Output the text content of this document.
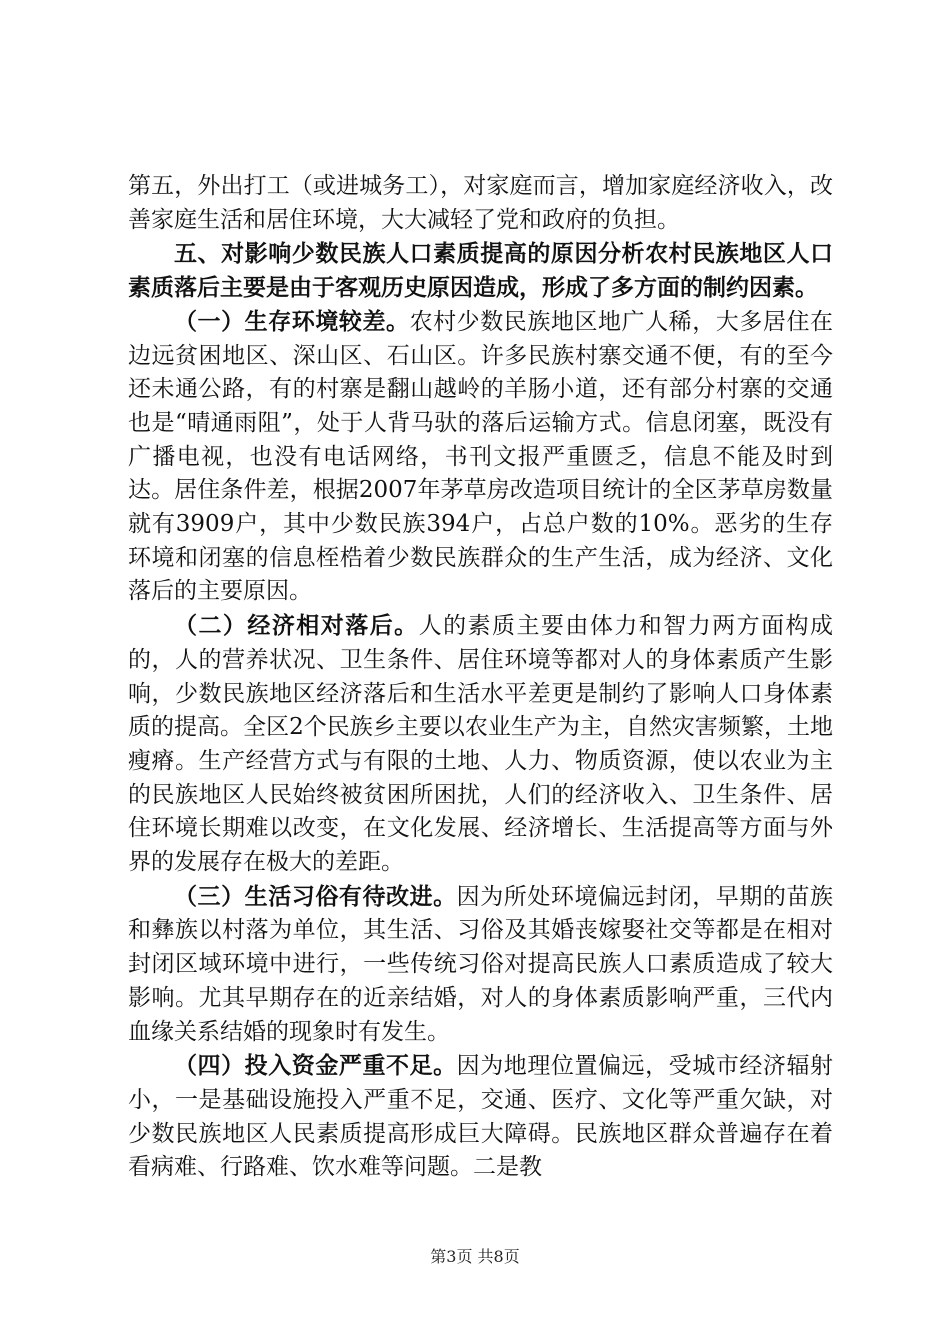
第五，外出打工（或进城务工），对家庭而言，增加家庭经济收入，改善家庭生活和居住环境，大大减轻了党和政府的负担。

五、对影响少数民族人口素质提高的原因分析农村民族地区人口素质落后主要是由于客观历史原因造成，形成了多方面的制约因素。

（一）生存环境较差。农村少数民族地区地广人稀，大多居住在边远贫困地区、深山区、石山区。许多民族村寨交通不便，有的至今还未通公路，有的村寨是翻山越岭的羊肠小道，还有部分村寨的交通也是“晴通雨阻”，处于人背马驮的落后运输方式。信息闭塞，既没有广播电视，也没有电话网络，书刊文报严重匮乏，信息不能及时到达。居住条件差，根据2007年茅草房改造项目统计的全区茅草房数量就有3909户，其中少数民族394户，占总户数的10%。恶劣的生存环境和闭塞的信息桎梏着少数民族群众的生产生活，成为经济、文化落后的主要原因。

（二）经济相对落后。人的素质主要由体力和智力两方面构成的，人的营养状况、卫生条件、居住环境等都对人的身体素质产生影响，少数民族地区经济落后和生活水平差更是制约了影响人口身体素质的提高。全区2个民族乡主要以农业生产为主，自然灾害频繁，土地瘦瘠。生产经营方式与有限的土地、人力、物质资源，使以农业为主的民族地区人民始终被贫困所困扰，人们的经济收入、卫生条件、居住环境长期难以改变，在文化发展、经济增长、生活提高等方面与外界的发展存在极大的差距。

（三）生活习俗有待改进。因为所处环境偏远封闭，早期的苗族和彝族以村落为单位，其生活、习俗及其婚丧嫁娶社交等都是在相对封闭区域环境中进行，一些传统习俗对提高民族人口素质造成了较大影响。尤其早期存在的近亲结婚，对人的身体素质影响严重，三代内血缘关系结婚的现象时有发生。

（四）投入资金严重不足。因为地理位置偏远，受城市经济辐射小，一是基础设施投入严重不足，交通、医疗、文化等严重欠缺，对少数民族地区人民素质提高形成巨大障碍。民族地区群众普遍存在着看病难、行路难、饮水难等问题。二是教

第3页 共8页
